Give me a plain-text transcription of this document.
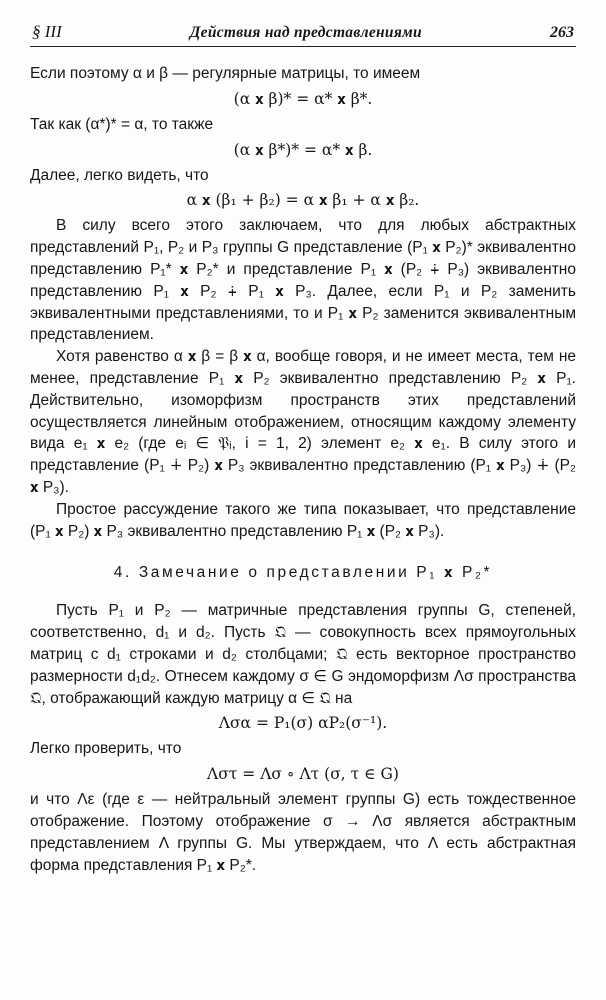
§ III	Действия над представлениями	263

Если поэтому α и β — регулярные матрицы, то имеем

(α 𝐱 β)* = α* 𝐱 β*.

Так как (α*)* = α, то также

(α 𝐱 β*)* = α* 𝐱 β.

Далее, легко видеть, что

α 𝐱 (β₁ + β₂) = α 𝐱 β₁ + α 𝐱 β₂.

В силу всего этого заключаем, что для любых абстрактных представлений P₁, P₂ и P₃ группы G представление (P₁ 𝐱 P₂)* эквивалентно представлению P₁* 𝐱 P₂* и представление P₁ 𝐱 (P₂ ∔ P₃) эквивалентно представлению P₁ 𝐱 P₂ ∔ P₁ 𝐱 P₃. Далее, если P₁ и P₂ заменить эквивалентными представлениями, то и P₁ 𝐱 P₂ заменится эквивалентным представлением.

Хотя равенство α 𝐱 β = β 𝐱 α, вообще говоря, и не имеет места, тем не менее, представление P₁ 𝐱 P₂ эквивалентно представлению P₂ 𝐱 P₁. Действительно, изоморфизм пространств этих представлений осуществляется линейным отображением, относящим каждому элементу вида e₁ 𝐱 e₂ (где eᵢ ∈ 𝔓ᵢ, i = 1, 2) элемент e₂ 𝐱 e₁. В силу этого и представление (P₁ ∔ P₂) 𝐱 P₃ эквивалентно представлению (P₁ 𝐱 P₃) ∔ (P₂ 𝐱 P₃).

Простое рассуждение такого же типа показывает, что представление (P₁ 𝐱 P₂) 𝐱 P₃ эквивалентно представлению P₁ 𝐱 (P₂ 𝐱 P₃).

4. Замечание о представлении P₁ 𝐱 P₂*

Пусть P₁ и P₂ — матричные представления группы G, степеней, соответственно, d₁ и d₂. Пусть 𝔔 — совокупность всех прямоугольных матриц с d₁ строками и d₂ столбцами; 𝔔 есть векторное пространство размерности d₁d₂. Отнесем каждому σ ∈ G эндоморфизм Λσ пространства 𝔔, отображающий каждую матрицу α ∈ 𝔔 на

Λσα = P₁(σ) αP₂(σ⁻¹).

Легко проверить, что

Λστ = Λσ ∘ Λτ (σ, τ ∈ G)

и что Λε (где ε — нейтральный элемент группы G) есть тождественное отображение. Поэтому отображение σ → Λσ является абстрактным представлением Λ группы G. Мы утверждаем, что Λ есть абстрактная форма представления P₁ 𝐱 P₂*.
